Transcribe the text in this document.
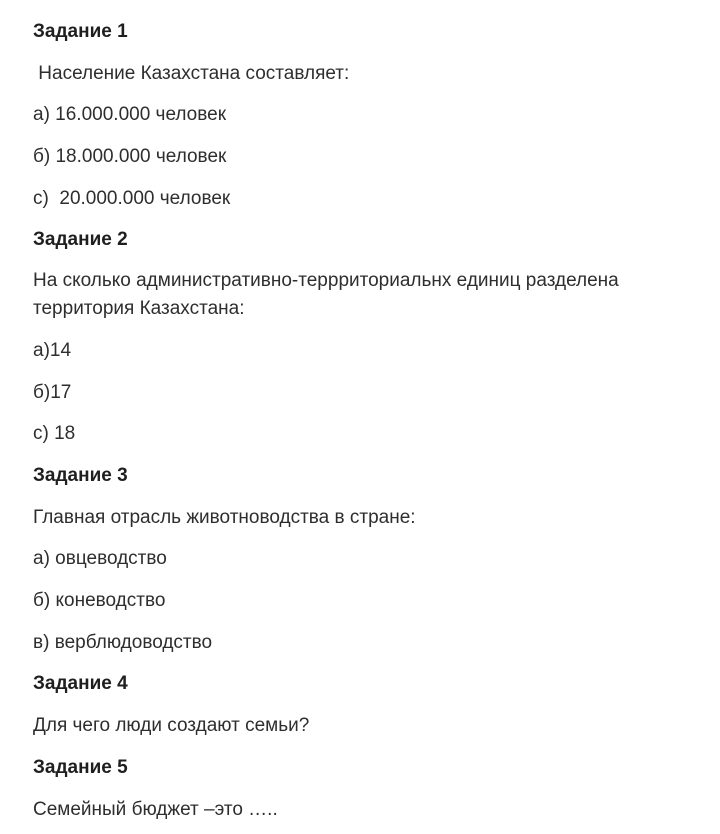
Задание 1
Население Казахстана составляет:
а) 16.000.000 человек
б) 18.000.000 человек
с)  20.000.000 человек
Задание 2
На сколько административно-террриториальнх единиц разделена территория Казахстана:
а)14
б)17
с) 18
Задание 3
Главная отрасль животноводства в стране:
а) овцеводство
б) коневодство
в) верблюдоводство
Задание 4
Для чего люди создают семьи?
Задание 5
Семейный бюджет –это …..
